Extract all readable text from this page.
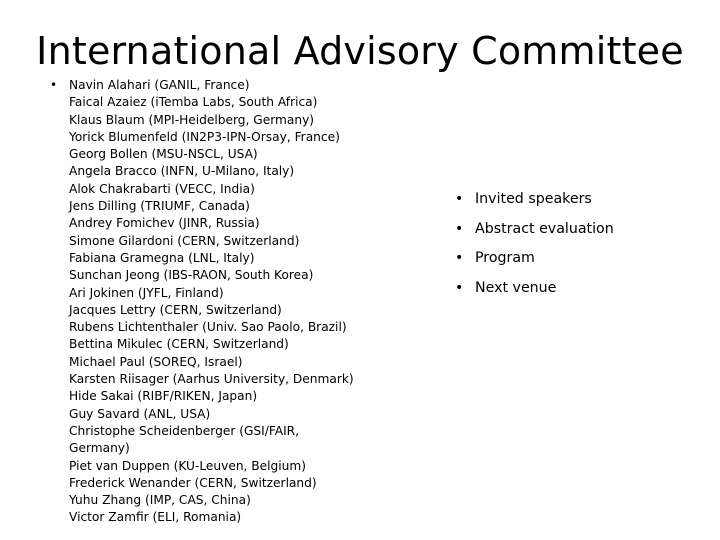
International Advisory Committee
• Navin Alahari (GANIL, France)
Faical Azaiez (iTemba Labs, South Africa)
Klaus Blaum (MPI-Heidelberg, Germany)
Yorick Blumenfeld (IN2P3-IPN-Orsay, France)
Georg Bollen (MSU-NSCL, USA)
Angela Bracco (INFN, U-Milano, Italy)
Alok Chakrabarti (VECC, India)
Jens Dilling (TRIUMF, Canada)
Andrey Fomichev (JINR, Russia)
Simone Gilardoni (CERN, Switzerland)
Fabiana Gramegna (LNL, Italy)
Sunchan Jeong (IBS-RAON, South Korea)
Ari Jokinen (JYFL, Finland)
Jacques Lettry (CERN, Switzerland)
Rubens Lichtenthaler (Univ. Sao Paolo, Brazil)
Bettina Mikulec (CERN, Switzerland)
Michael Paul (SOREQ, Israel)
Karsten Riisager (Aarhus University, Denmark)
Hide Sakai (RIBF/RIKEN, Japan)
Guy Savard (ANL, USA)
Christophe Scheidenberger (GSI/FAIR, Germany)
Piet van Duppen (KU-Leuven, Belgium)
Frederick Wenander (CERN, Switzerland)
Yuhu Zhang (IMP, CAS, China)
Victor Zamfir (ELI, Romania)
• Invited speakers
• Abstract evaluation
• Program
• Next venue
